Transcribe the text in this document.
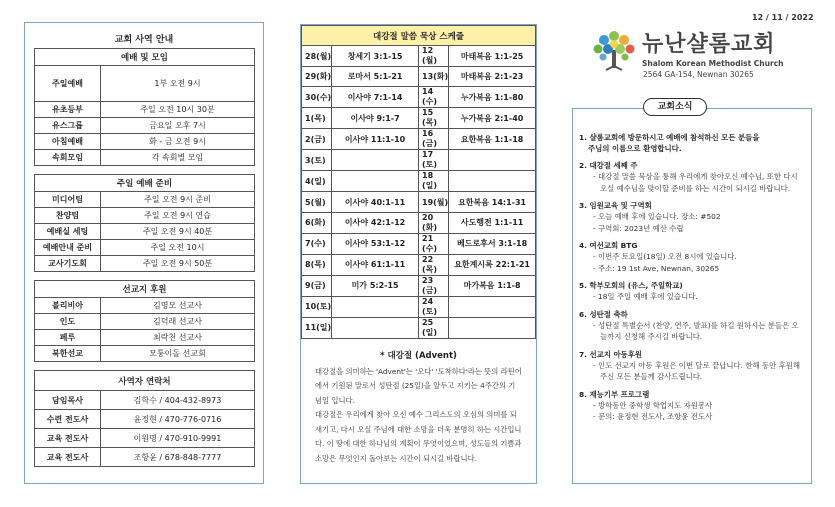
교회 사역 안내
예배 및 모임	
주일예배	1부 오전 9시
유초등부	주일 오전 10시 30분
유스그룹	금요일 오후 7시
아침예배	화 - 금 오전 9시
속회모임	각 속회별 모임
주일 예배 준비	
미디어팀	주일 오전 9시 준비
찬양팀	주일 오전 9시 연습
예배실 세팅	주일 오전 9시 40분
예배안내 준비	주일 오전 10시
교사기도회	주일 오전 9시 50분
선교지 후원	
볼리비아	김명모 선교사
인도	김덕래 선교사
페루	최락천 선교사
북한선교	모퉁이돌 선교회
사역자 연락처	
담임목사	김학수 / 404-432-8973
수련 전도사	윤정현 / 470-776-0716
교육 전도사	이원명 / 470-910-9991
교육 전도사	조항윤 / 678-848-7777
대강절 말씀 묵상 스케줄			
28(월)	창세기 3:1-15	12 (월)	마태복음 1:1-25
29(화)	로마서 5:1-21	13(화)	마태복음 2:1-23
30(수)	이사야 7:1-14	14 (수)	누가복음 1:1-80
1(목)	이사야 9:1-7	15 (목)	누가복음 2:1-40
2(금)	이사야 11:1-10	16 (금)	요한복음 1:1-18
3(토)		17 (토)	
4(일)		18 (일)	
5(월)	이사야 40:1-11	19(월)	요한복음 14:1-31
6(화)	이사야 42:1-12	20 (화)	사도행전 1:1-11
7(수)	이사야 53:1-12	21 (수)	베드로후서 3:1-18
8(목)	이사야 61:1-11	22 (목)	요한계시록 22:1-21
9(금)	미가 5:2-15	23 (금)	마가복음 1:1-8
10(토)		24 (토)	
11(일)		25 (일)	
* 대강절 (Advent)

대강절을 의미하는 'Advent'는 '오다' '도착하다'라는 뜻의 라틴어에서 기원된 말로서 성탄절 (25일)을 앞두고 지키는 4주간의 기념일 입니다.

대강절은 우리에게 찾아 오신 예수 그리스도의 오심의 의미를 되새기고, 다시 오실 주님에 대한 소망을 더욱 분명히 하는 시간입니다. 이 땅에 대한 하나님의 계획이 무엇이었으며, 성도들의 기쁨과 소망은 무엇인지 돌아보는 시간이 되시길 바랍니다.

12 / 11 / 2022
뉴난샬롬교회
Shalom Korean Methodist Church
2564 GA-154, Newnan 30265
교회소식
1. 샬롬교회에 방문하시고 예배에 참석하신 모든 분들을
주님의 이름으로 환영합니다.
2. 대강절 세째 주
- 대강절 말씀 묵상을 통해 우리에게 찾아오신 예수님, 또한 다시 오실 예수님을 맞이할 준비를 하는 시간이 되시길 바랍니다.
3. 임원교육 및 구역회
- 오늘 예배 후에 있습니다. 장소: #502
- 구역회: 2023년 예산 수립
4. 여선교회 BTG
- 이번주 토요일(18일) 오전 8시에 있습니다.
- 주소: 19 1st Ave, Newnan, 30265
5. 학부모회의 (유스, 주일학교)
- 18일 주일 예배 후에 있습니다.
6. 성탄절 축하
- 성탄절 특별순서 (찬양, 연주, 발표)를 하길 원하시는 분들은 오늘까지 신청해 주시길 바랍니다.
7. 선교지 아동후원
- 인도 선교지 아동 후원은 이번 달로 끝납니다. 한해 동안 후원해 주신 모든 분들께 감사드립니다.
8. 재능기부 프로그램
- 방학동안 중학생 학업지도 자원봉사
- 문의: 윤정현 전도사, 조항윤 전도사
